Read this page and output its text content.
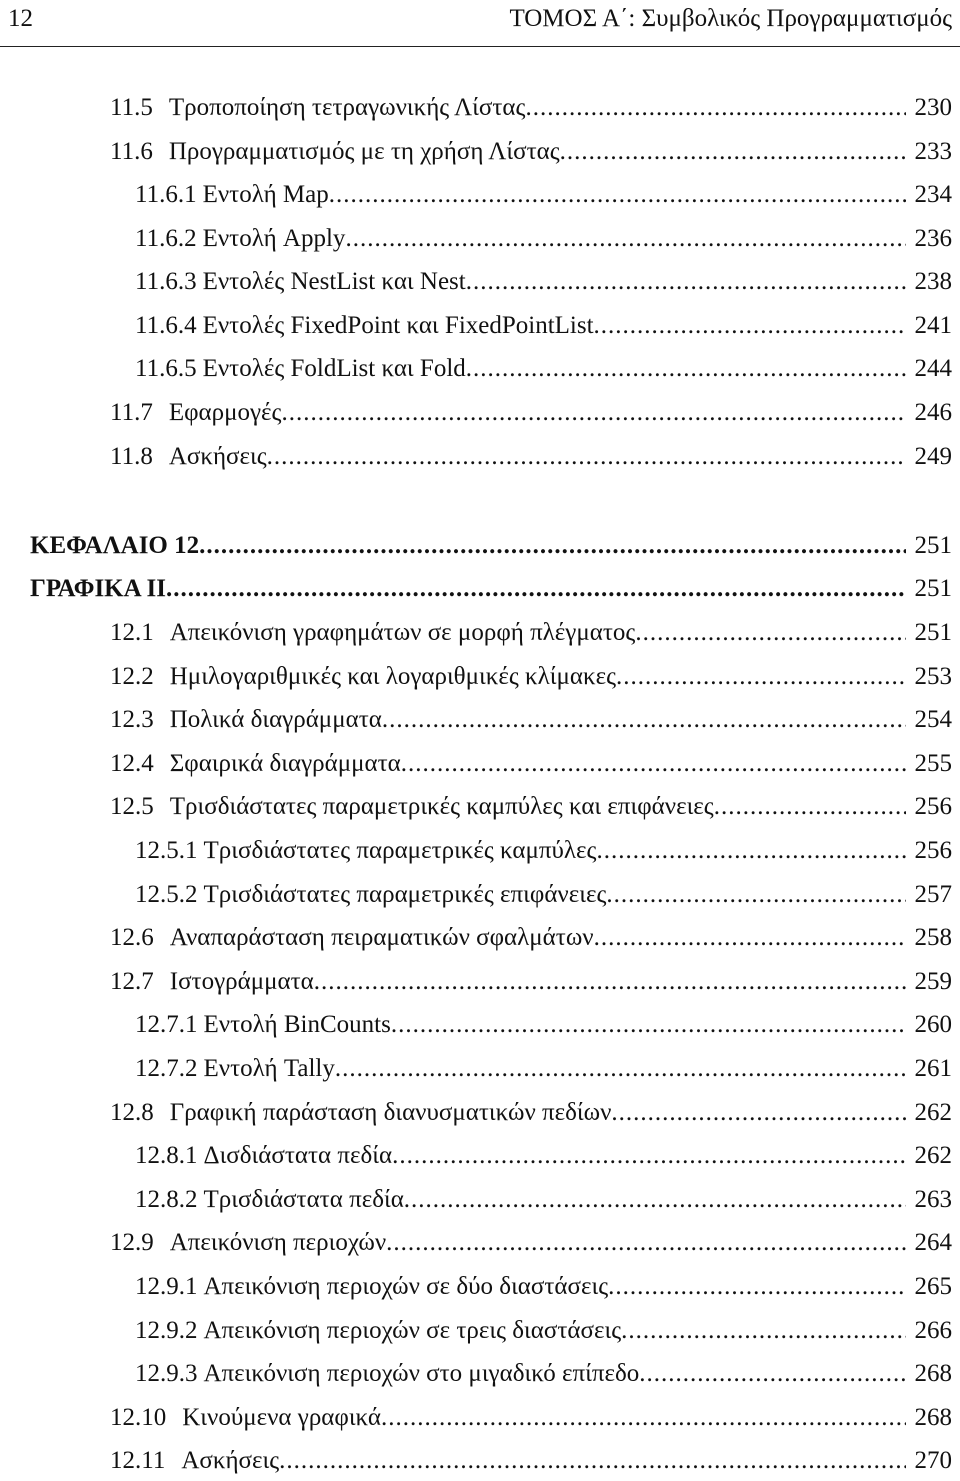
12	ΤΟΜΟΣ Α΄: Συμβολικός Προγραμματισμός
11.5 Τροποποίηση τετραγωνικής Λίστας .....	230
11.6 Προγραμματισμός με τη χρήση Λίστας .....	233
11.6.1 Εντολή Map .....	234
11.6.2 Εντολή Apply .....	236
11.6.3 Εντολές NestList και Nest .....	238
11.6.4 Εντολές FixedPoint και FixedPointList .....	241
11.6.5 Εντολές FoldList και Fold .....	244
11.7 Εφαρμογές .....	246
11.8 Ασκήσεις .....	249
ΚΕΦΑΛΑΙΟ 12 .....	251
ΓΡΑΦΙΚΑ ΙΙ .....	251
12.1 Απεικόνιση γραφημάτων σε μορφή πλέγματος .....	251
12.2 Ημιλογαριθμικές και λογαριθμικές κλίμακες .....	253
12.3 Πολικά διαγράμματα .....	254
12.4 Σφαιρικά διαγράμματα .....	255
12.5 Τρισδιάστατες παραμετρικές καμπύλες και επιφάνειες .....	256
12.5.1 Τρισδιάστατες παραμετρικές καμπύλες .....	256
12.5.2 Τρισδιάστατες παραμετρικές επιφάνειες .....	257
12.6 Αναπαράσταση πειραματικών σφαλμάτων .....	258
12.7 Ιστογράμματα .....	259
12.7.1 Εντολή BinCounts .....	260
12.7.2 Εντολή Tally .....	261
12.8 Γραφική παράσταση διανυσματικών πεδίων .....	262
12.8.1 Δισδιάστατα πεδία .....	262
12.8.2 Τρισδιάστατα πεδία .....	263
12.9 Απεικόνιση περιοχών .....	264
12.9.1 Απεικόνιση περιοχών σε δύο διαστάσεις .....	265
12.9.2 Απεικόνιση περιοχών σε τρεις διαστάσεις .....	266
12.9.3 Απεικόνιση περιοχών στο μιγαδικό επίπεδο .....	268
12.10 Κινούμενα γραφικά .....	268
12.11 Ασκήσεις .....	270
